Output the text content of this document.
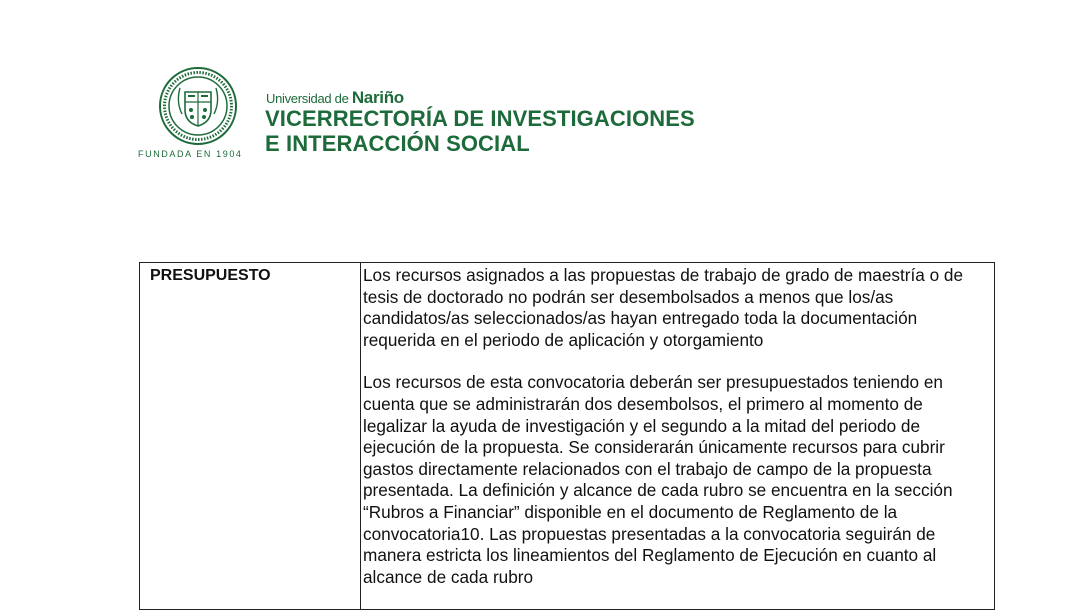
FUNDADA EN 1904
Universidad de Nariño
VICERRECTORÍA DE INVESTIGACIONES
E INTERACCIÓN SOCIAL
PRESUPUESTO	Los recursos asignados a las propuestas de trabajo de grado de maestría o de tesis de doctorado no podrán ser desembolsados a menos que los/as candidatos/as seleccionados/as hayan entregado toda la documentación requerida en el periodo de aplicación y otorgamiento

Los recursos de esta convocatoria deberán ser presupuestados teniendo en cuenta que se administrarán dos desembolsos, el primero al momento de legalizar la ayuda de investigación y el segundo a la mitad del periodo de ejecución de la propuesta. Se considerarán únicamente recursos para cubrir gastos directamente relacionados con el trabajo de campo de la propuesta presentada. La definición y alcance de cada rubro se encuentra en la sección “Rubros a Financiar” disponible en el documento de Reglamento de la convocatoria10. Las propuestas presentadas a la convocatoria seguirán de manera estricta los lineamientos del Reglamento de Ejecución en cuanto al alcance de cada rubro
